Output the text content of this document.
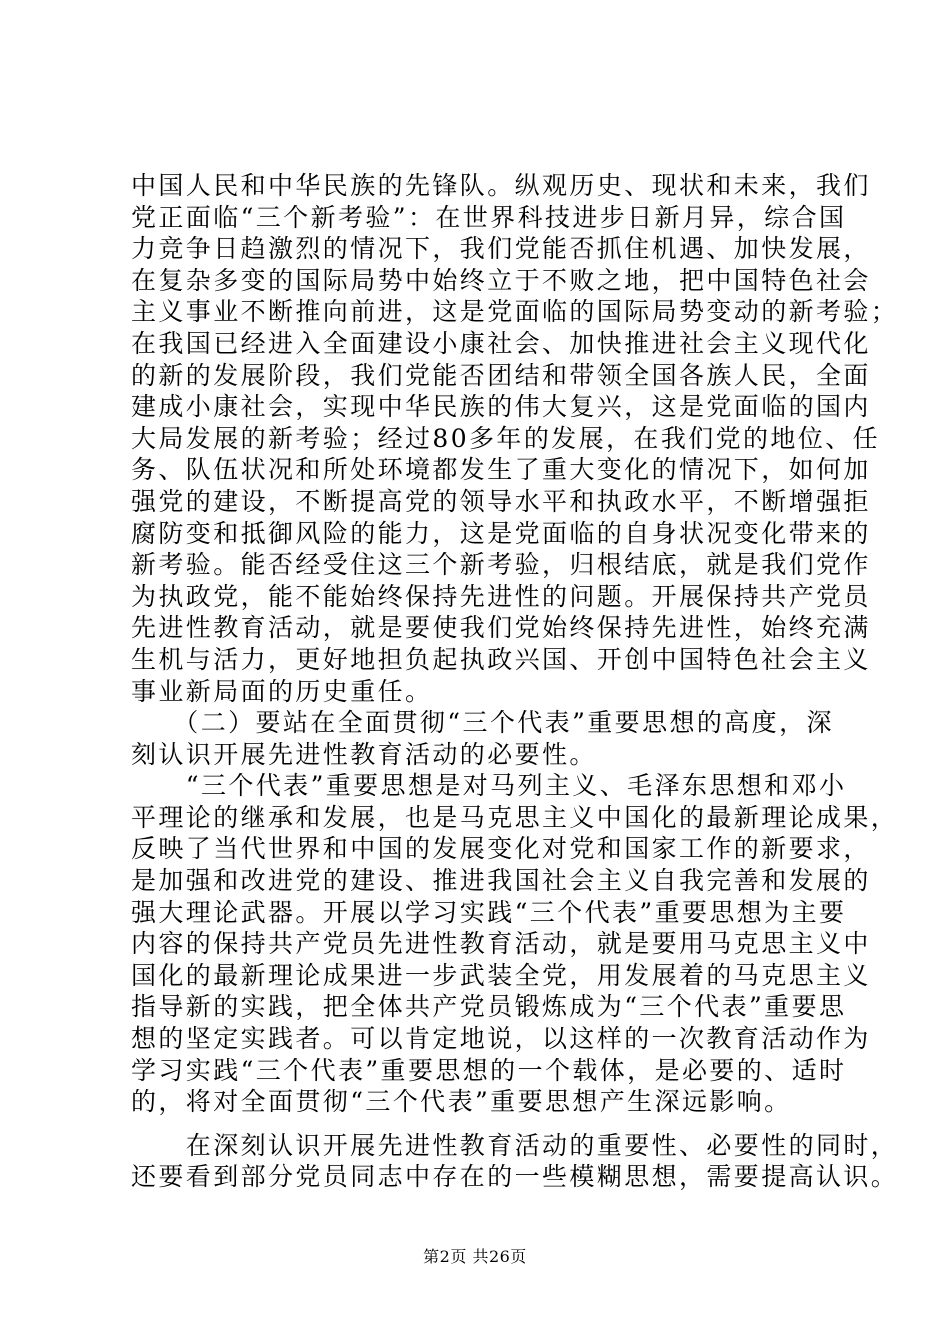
中国人民和中华民族的先锋队。纵观历史、现状和未来，我们

党正面临“三个新考验”：在世界科技进步日新月异，综合国

力竞争日趋激烈的情况下，我们党能否抓住机遇、加快发展，

在复杂多变的国际局势中始终立于不败之地，把中国特色社会

主义事业不断推向前进，这是党面临的国际局势变动的新考验；

在我国已经进入全面建设小康社会、加快推进社会主义现代化

的新的发展阶段，我们党能否团结和带领全国各族人民，全面

建成小康社会，实现中华民族的伟大复兴，这是党面临的国内

大局发展的新考验；经过80多年的发展，在我们党的地位、任

务、队伍状况和所处环境都发生了重大变化的情况下，如何加

强党的建设，不断提高党的领导水平和执政水平，不断增强拒

腐防变和抵御风险的能力，这是党面临的自身状况变化带来的

新考验。能否经受住这三个新考验，归根结底，就是我们党作

为执政党，能不能始终保持先进性的问题。开展保持共产党员

先进性教育活动，就是要使我们党始终保持先进性，始终充满

生机与活力，更好地担负起执政兴国、开创中国特色社会主义

事业新局面的历史重任。

　　（二）要站在全面贯彻“三个代表”重要思想的高度，深

刻认识开展先进性教育活动的必要性。

　　“三个代表”重要思想是对马列主义、毛泽东思想和邓小

平理论的继承和发展，也是马克思主义中国化的最新理论成果，

反映了当代世界和中国的发展变化对党和国家工作的新要求，

是加强和改进党的建设、推进我国社会主义自我完善和发展的

强大理论武器。开展以学习实践“三个代表”重要思想为主要

内容的保持共产党员先进性教育活动，就是要用马克思主义中

国化的最新理论成果进一步武装全党，用发展着的马克思主义

指导新的实践，把全体共产党员锻炼成为“三个代表”重要思

想的坚定实践者。可以肯定地说，以这样的一次教育活动作为

学习实践“三个代表”重要思想的一个载体，是必要的、适时

的，将对全面贯彻“三个代表”重要思想产生深远影响。

　　在深刻认识开展先进性教育活动的重要性、必要性的同时，

还要看到部分党员同志中存在的一些模糊思想，需要提高认识。

第2页 共26页
